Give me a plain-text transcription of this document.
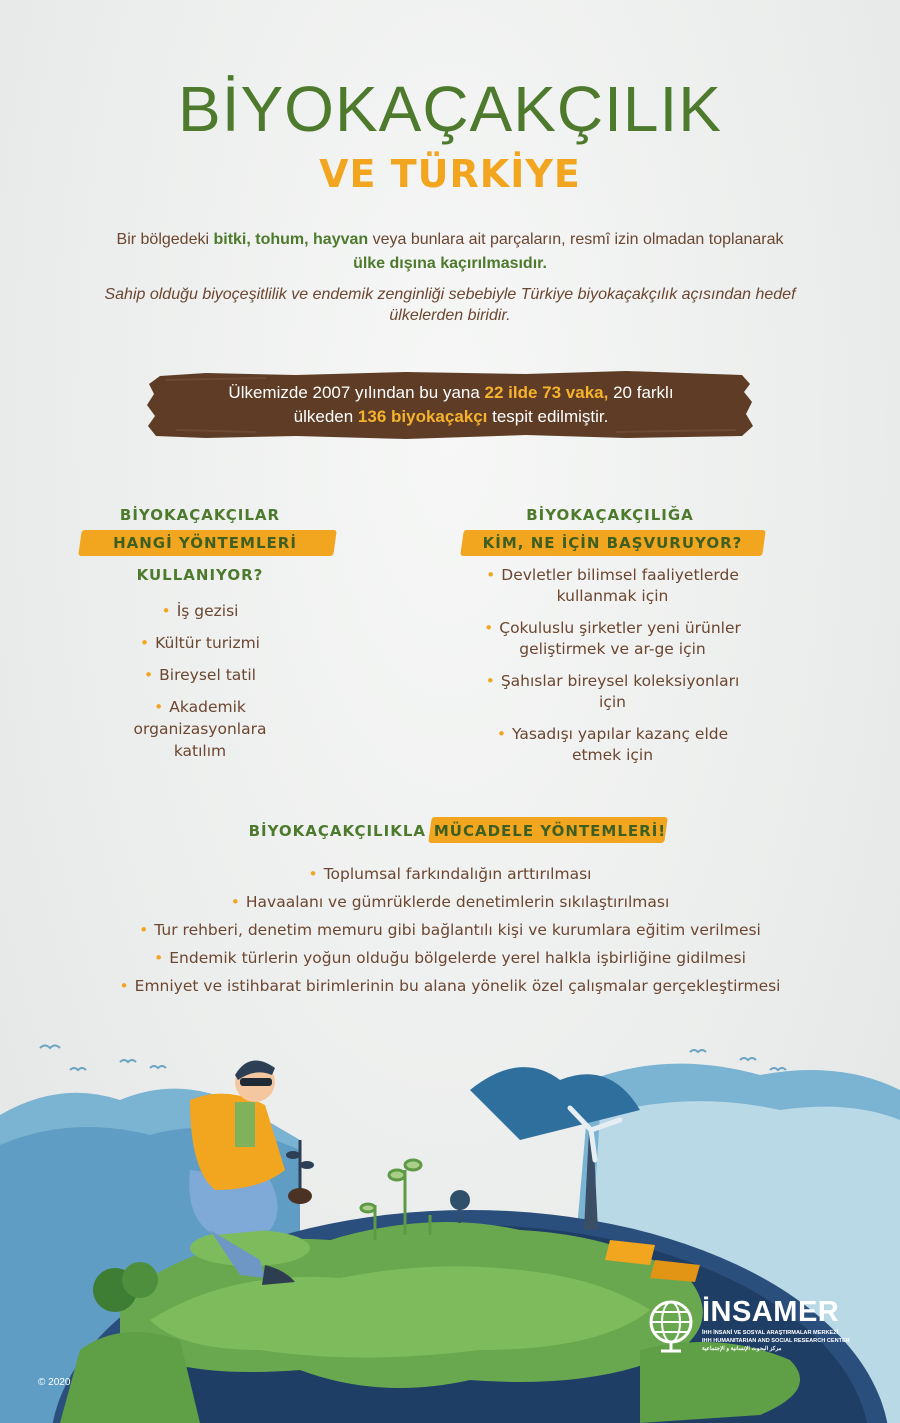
BİYOKAÇAKÇILIK
VE TÜRKİYE
Bir bölgedeki bitki, tohum, hayvan veya bunlara ait parçaların, resmî izin olmadan toplanarak
ülke dışına kaçırılmasıdır.
Sahip olduğu biyoçeşitlilik ve endemik zenginliği sebebiyle Türkiye biyokaçakçılık açısından hedef ülkelerden biridir.
Ülkemizde 2007 yılından bu yana 22 ilde 73 vaka, 20 farklı
ülkeden 136 biyokaçakçı tespit edilmiştir.
BİYOKAÇAKÇILAR
HANGİ YÖNTEMLERİ
KULLANIYOR?
• İş gezisi
• Kültür turizmi
• Bireysel tatil
• Akademik
organizasyonlara
katılım
BİYOKAÇAKÇILIĞA
KİM, NE İÇİN BAŞVURUYOR?
• Devletler bilimsel faaliyetlerde
kullanmak için
• Çokuluslu şirketler yeni ürünler
geliştirmek ve ar-ge için
• Şahıslar bireysel koleksiyonları
için
• Yasadışı yapılar kazanç elde
etmek için
BİYOKAÇAKÇILIKLA MÜCADELE YÖNTEMLERİ!
• Toplumsal farkındalığın arttırılması
• Havaalanı ve gümrüklerde denetimlerin sıkılaştırılması
• Tur rehberi, denetim memuru gibi bağlantılı kişi ve kurumlara eğitim verilmesi
• Endemik türlerin yoğun olduğu bölgelerde yerel halkla işbirliğine gidilmesi
• Emniyet ve istihbarat birimlerinin bu alana yönelik özel çalışmalar gerçekleştirmesi
© 2020
İNSAMER
İHH İNSANİ VE SOSYAL ARAŞTIRMALAR MERKEZİ
IHH HUMANITARIAN AND SOCIAL RESEARCH CENTER
مركز البحوث الإنسانية و الإجتماعية
